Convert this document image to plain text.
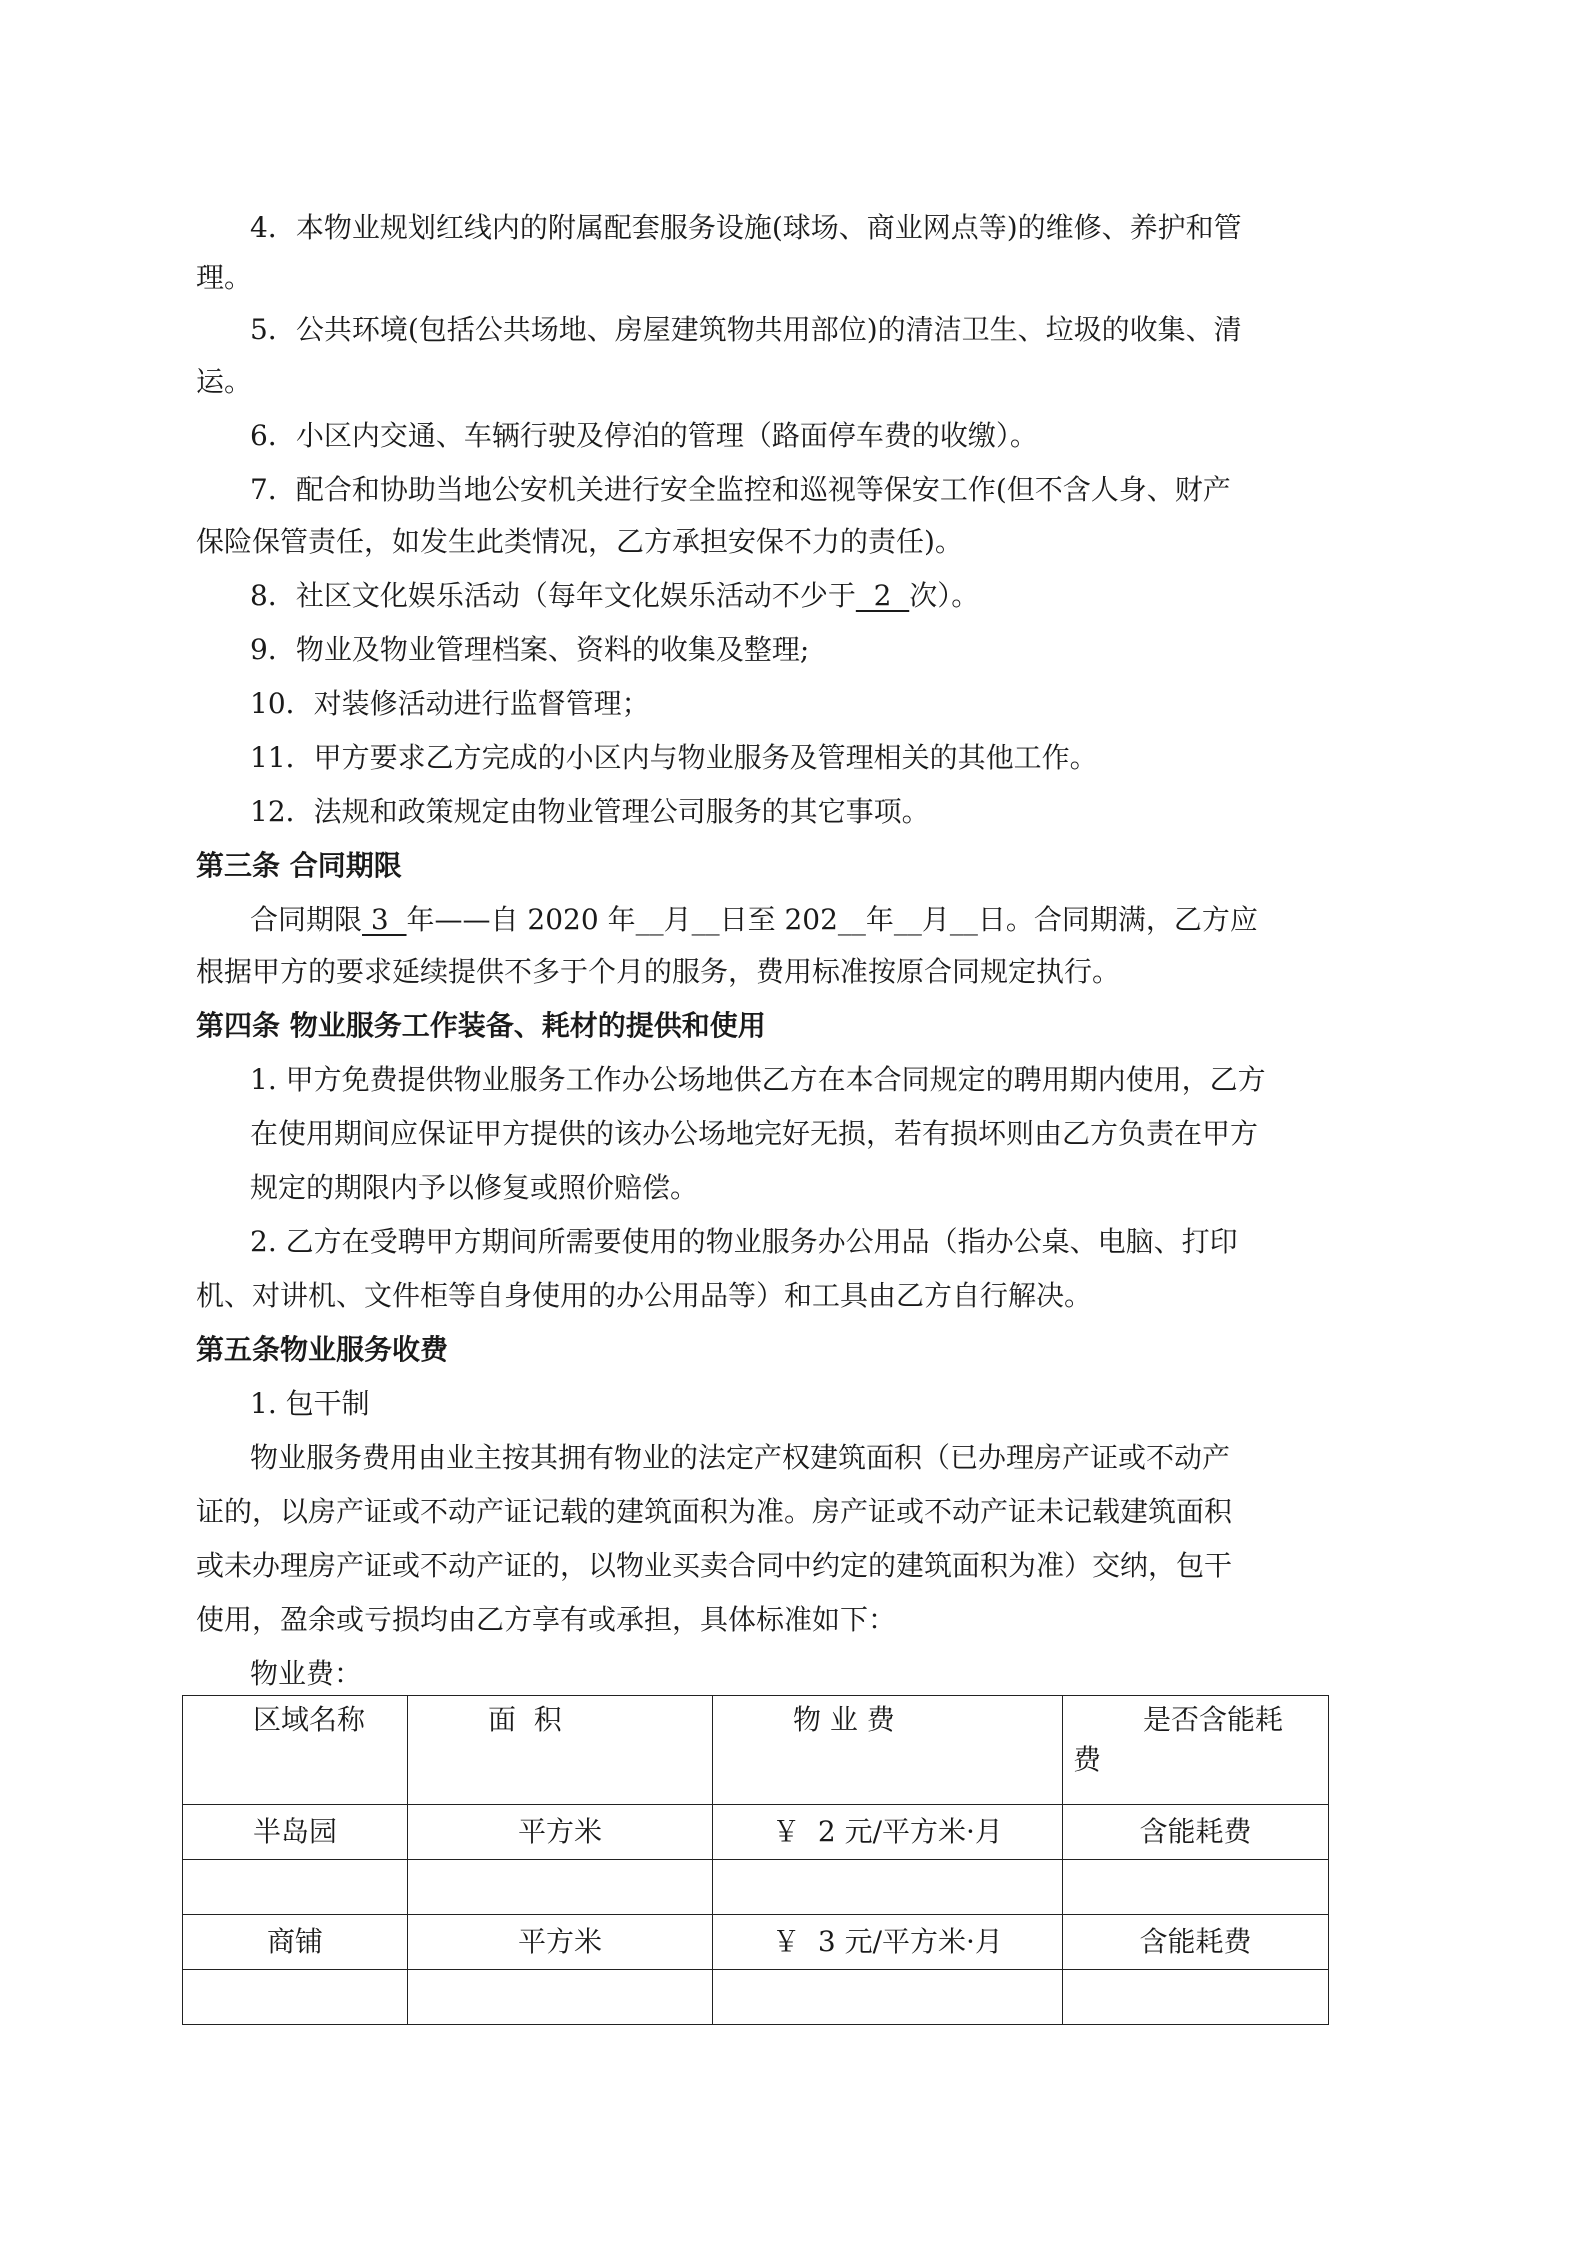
4．本物业规划红线内的附属配套服务设施(球场、商业网点等)的维修、养护和管
理。
5．公共环境(包括公共场地、房屋建筑物共用部位)的清洁卫生、垃圾的收集、清
运。
6．小区内交通、车辆行驶及停泊的管理（路面停车费的收缴）。
7．配合和协助当地公安机关进行安全监控和巡视等保安工作(但不含人身、财产
保险保管责任，如发生此类情况，乙方承担安保不力的责任)。
8．社区文化娱乐活动（每年文化娱乐活动不少于  2  次）。
9．物业及物业管理档案、资料的收集及整理;
10．对装修活动进行监督管理；
11．甲方要求乙方完成的小区内与物业服务及管理相关的其他工作。
12．法规和政策规定由物业管理公司服务的其它事项。
第三条 合同期限
合同期限 3  年——自 2020 年__月__日至 202__年__月__日。合同期满，乙方应
根据甲方的要求延续提供不多于个月的服务，费用标准按原合同规定执行。
第四条 物业服务工作装备、耗材的提供和使用
1. 甲方免费提供物业服务工作办公场地供乙方在本合同规定的聘用期内使用，乙方
在使用期间应保证甲方提供的该办公场地完好无损，若有损坏则由乙方负责在甲方
规定的期限内予以修复或照价赔偿。
2. 乙方在受聘甲方期间所需要使用的物业服务办公用品（指办公桌、电脑、打印
机、对讲机、文件柜等自身使用的办公用品等）和工具由乙方自行解决。
第五条物业服务收费
1. 包干制
物业服务费用由业主按其拥有物业的法定产权建筑面积（已办理房产证或不动产
证的，以房产证或不动产证记载的建筑面积为准。房产证或不动产证未记载建筑面积
或未办理房产证或不动产证的，以物业买卖合同中约定的建筑面积为准）交纳，包干
使用，盈余或亏损均由乙方享有或承担，具体标准如下：
物业费：
区域名称	面  积	物 业 费	是否含能耗
费

半岛园	平方米	￥  2 元/平方米·月	含能耗费

商铺	平方米	￥  3 元/平方米·月	含能耗费
